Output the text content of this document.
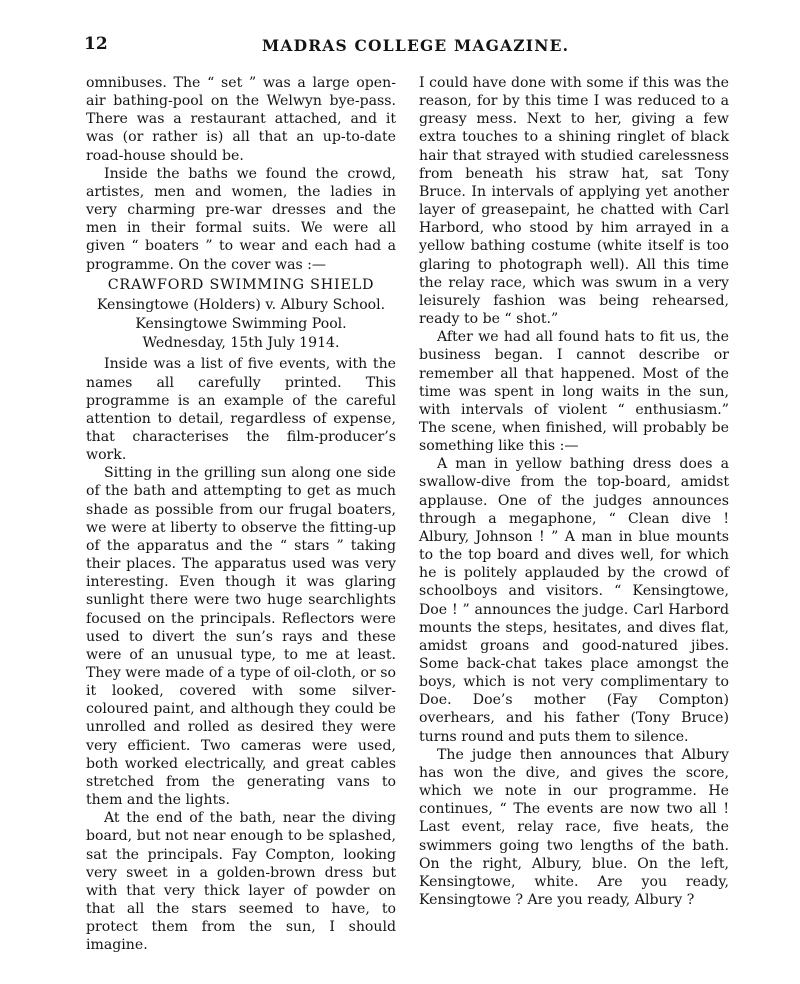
12	MADRAS COLLEGE MAGAZINE.

omnibuses. The “ set ” was a large open-air bathing-pool on the Welwyn bye-pass. There was a restaurant attached, and it was (or rather is) all that an up-to-date road-house should be.

Inside the baths we found the crowd, artistes, men and women, the ladies in very charming pre-war dresses and the men in their formal suits. We were all given “ boaters ” to wear and each had a programme. On the cover was :—

CRAWFORD SWIMMING SHIELD

Kensingtowe (Holders) v. Albury School.

Kensingtowe Swimming Pool.

Wednesday, 15th July 1914.

Inside was a list of five events, with the names all carefully printed. This programme is an example of the careful attention to detail, regardless of expense, that characterises the film-producer’s work.

Sitting in the grilling sun along one side of the bath and attempting to get as much shade as possible from our frugal boaters, we were at liberty to observe the fitting-up of the apparatus and the “ stars ” taking their places. The apparatus used was very interesting. Even though it was glaring sunlight there were two huge searchlights focused on the principals. Reflectors were used to divert the sun’s rays and these were of an unusual type, to me at least. They were made of a type of oil-cloth, or so it looked, covered with some silver-coloured paint, and although they could be unrolled and rolled as desired they were very efficient. Two cameras were used, both worked electrically, and great cables stretched from the generating vans to them and the lights.

At the end of the bath, near the diving board, but not near enough to be splashed, sat the principals. Fay Compton, looking very sweet in a golden-brown dress but with that very thick layer of powder on that all the stars seemed to have, to protect them from the sun, I should imagine.

I could have done with some if this was the reason, for by this time I was reduced to a greasy mess. Next to her, giving a few extra touches to a shining ringlet of black hair that strayed with studied carelessness from beneath his straw hat, sat Tony Bruce. In intervals of applying yet another layer of greasepaint, he chatted with Carl Harbord, who stood by him arrayed in a yellow bathing costume (white itself is too glaring to photograph well). All this time the relay race, which was swum in a very leisurely fashion was being rehearsed, ready to be “ shot.”

After we had all found hats to fit us, the business began. I cannot describe or remember all that happened. Most of the time was spent in long waits in the sun, with intervals of violent “ enthusiasm.” The scene, when finished, will probably be something like this :—

A man in yellow bathing dress does a swallow-dive from the top-board, amidst applause. One of the judges announces through a megaphone, “ Clean dive ! Albury, Johnson ! ” A man in blue mounts to the top board and dives well, for which he is politely applauded by the crowd of schoolboys and visitors. “ Kensingtowe, Doe ! ” announces the judge. Carl Harbord mounts the steps, hesitates, and dives flat, amidst groans and good-natured jibes. Some back-chat takes place amongst the boys, which is not very complimentary to Doe. Doe’s mother (Fay Compton) overhears, and his father (Tony Bruce) turns round and puts them to silence.

The judge then announces that Albury has won the dive, and gives the score, which we note in our programme. He continues, “ The events are now two all ! Last event, relay race, five heats, the swimmers going two lengths of the bath. On the right, Albury, blue. On the left, Kensingtowe, white. Are you ready, Kensingtowe ? Are you ready, Albury ?
